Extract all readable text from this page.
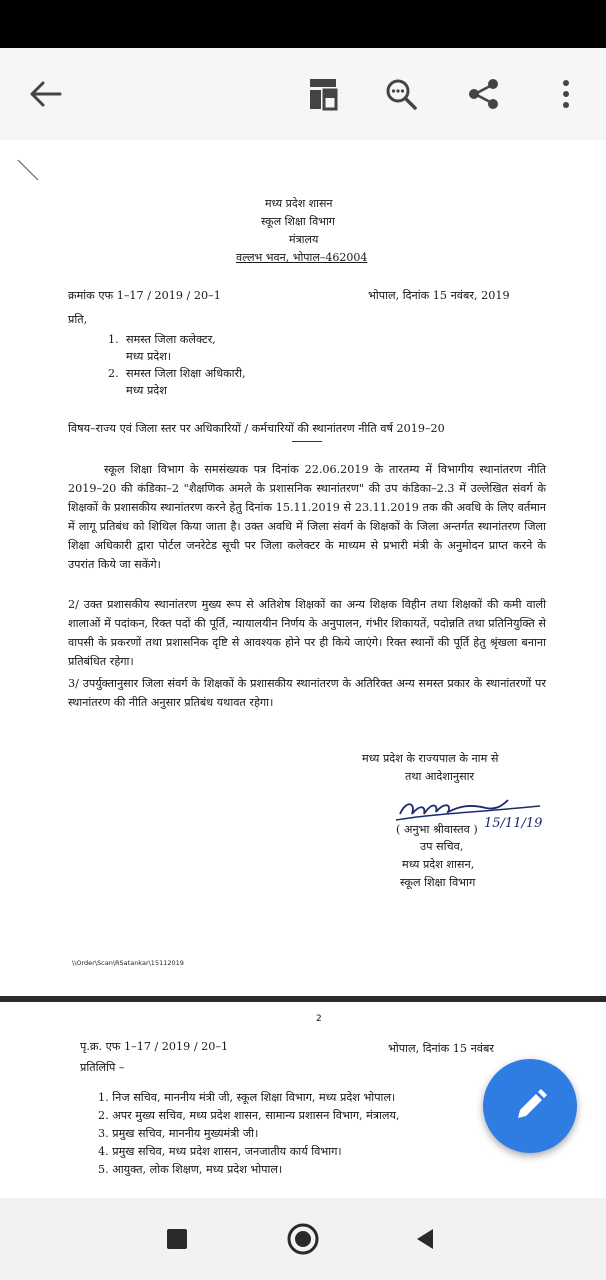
मध्य प्रदेश शासन
स्कूल शिक्षा विभाग
मंत्रालय
वल्लभ भवन, भोपाल–462004
क्रमांक एफ 1–17 / 2019 / 20–1	भोपाल, दिनांक 15 नवंबर, 2019
प्रति,
1. समस्त जिला कलेक्टर,
मध्य प्रदेश।
2. समस्त जिला शिक्षा अधिकारी,
मध्य प्रदेश
विषय–राज्य एवं जिला स्तर पर अधिकारियों / कर्मचारियों की स्थानांतरण नीति वर्ष 2019–20
स्कूल शिक्षा विभाग के समसंख्यक पत्र दिनांक 22.06.2019 के तारतम्य में विभागीय स्थानांतरण नीति 2019–20 की कंडिका–2 "शैक्षणिक अमले के प्रशासनिक स्थानांतरण" की उप कंडिका–2.3 में उल्लेखित संवर्ग के शिक्षकों के प्रशासकीय स्थानांतरण करने हेतु दिनांक 15.11.2019 से 23.11.2019 तक की अवधि के लिए वर्तमान में लागू प्रतिबंध को शिथिल किया जाता है। उक्त अवधि में जिला संवर्ग के शिक्षकों के जिला अन्तर्गत स्थानांतरण जिला शिक्षा अधिकारी द्वारा पोर्टल जनरेटेड सूची पर जिला कलेक्टर के माध्यम से प्रभारी मंत्री के अनुमोदन प्राप्त करने के उपरांत किये जा सकेंगे।
2/ उक्त प्रशासकीय स्थानांतरण मुख्य रूप से अतिशेष शिक्षकों का अन्य शिक्षक विहीन तथा शिक्षकों की कमी वाली शालाओं में पदांकन, रिक्त पदों की पूर्ति, न्यायालयीन निर्णय के अनुपालन, गंभीर शिकायतें, पदोन्नति तथा प्रतिनियुक्ति से वापसी के प्रकरणों तथा प्रशासनिक दृष्टि से आवश्यक होने पर ही किये जाएंगे। रिक्त स्थानों की पूर्ति हेतु श्रृंखला बनाना प्रतिबंधित रहेगा।
3/ उपर्युक्तानुसार जिला संवर्ग के शिक्षकों के प्रशासकीय स्थानांतरण के अतिरिक्त अन्य समस्त प्रकार के स्थानांतरणों पर स्थानांतरण की नीति अनुसार प्रतिबंध यथावत रहेगा।
मध्य प्रदेश के राज्यपाल के नाम से
तथा आदेशानुसार
( अनुभा श्रीवास्तव ) 15/11/19
उप सचिव,
मध्य प्रदेश शासन,
स्कूल शिक्षा विभाग
\\Order\Scan\RSatankar\15112019
2
पृ.क्र. एफ 1–17 / 2019 / 20–1	भोपाल, दिनांक 15 नवंबर
प्रतिलिपि –
1. निज सचिव, माननीय मंत्री जी, स्कूल शिक्षा विभाग, मध्य प्रदेश भोपाल।
2. अपर मुख्य सचिव, मध्य प्रदेश शासन, सामान्य प्रशासन विभाग, मंत्रालय,
3. प्रमुख सचिव, माननीय मुख्यमंत्री जी।
4. प्रमुख सचिव, मध्य प्रदेश शासन, जनजातीय कार्य विभाग।
5. आयुक्त, लोक शिक्षण, मध्य प्रदेश भोपाल।
